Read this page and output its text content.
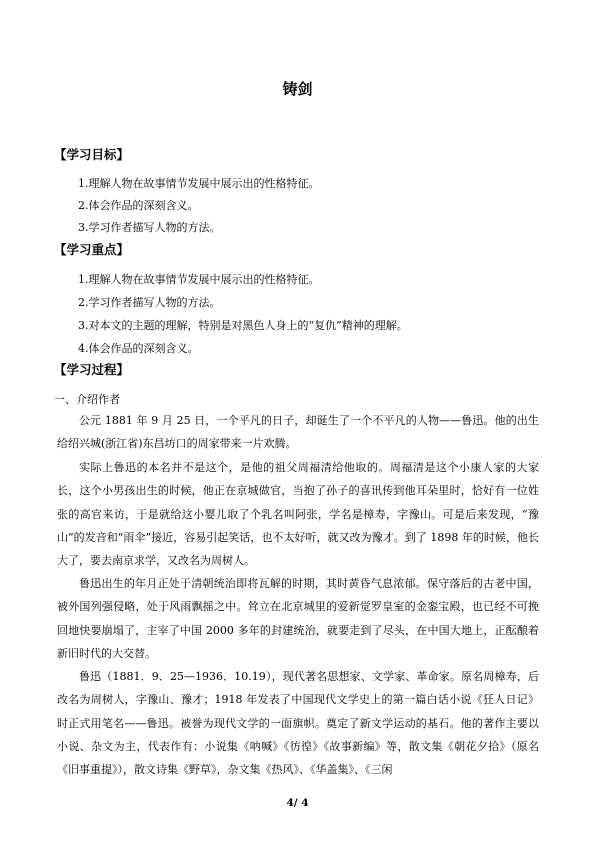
铸剑
【学习目标】
1.理解人物在故事情节发展中展示出的性格特征。
2.体会作品的深刻含义。
3.学习作者描写人物的方法。
【学习重点】
1.理解人物在故事情节发展中展示出的性格特征。
2.学习作者描写人物的方法。
3.对本文的主题的理解，特别是对黑色人身上的“复仇”精神的理解。
4.体会作品的深刻含义。
【学习过程】
一、介绍作者

公元 1881 年 9 月 25 日，一个平凡的日子，却诞生了一个不平凡的人物——鲁迅。他的出生给绍兴城(浙江省)东昌坊口的周家带来一片欢腾。

实际上鲁迅的本名并不是这个，是他的祖父周福清给他取的。周福清是这个小康人家的大家长，这个小男孩出生的时候，他正在京城做官，当抱了孙子的喜讯传到他耳朵里时，恰好有一位姓张的高官来访，于是就给这小婴儿取了个乳名叫阿张，学名是樟寿，字豫山。可是后来发现，“豫山”的发音和“雨伞”接近，容易引起笑话，也不太好听，就又改为豫才。到了 1898 年的时候，他长大了，要去南京求学，又改名为周树人。

鲁迅出生的年月正处于清朝统治即将瓦解的时期，其时黄昏气息浓郁。保守落后的古老中国，被外国列强侵略，处于风雨飘摇之中。耸立在北京城里的爱新觉罗皇室的金銮宝殿，也已经不可挽回地快要崩塌了，主宰了中国 2000 多年的封建统治，就要走到了尽头，在中国大地上，正酝酿着新旧时代的大交替。

鲁迅（1881．9．25—1936．10.19），现代著名思想家、文学家、革命家。原名周樟寿，后改名为周树人，字豫山、豫才；1918 年发表了中国现代文学史上的第一篇白话小说《狂人日记》时正式用笔名——鲁迅。被誉为现代文学的一面旗帜。奠定了新文学运动的基石。他的著作主要以小说、杂文为主，代表作有：小说集《呐喊》《彷徨》《故事新编》等，散文集《朝花夕拾》（原名《旧事重提》），散文诗集《野草》，杂文集《热风》、《华盖集》、《三闲

4/ 4
